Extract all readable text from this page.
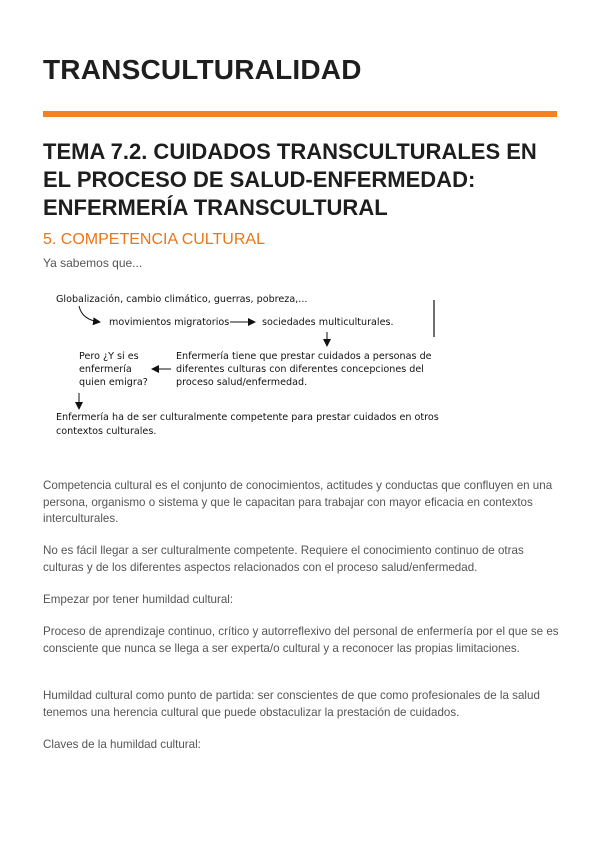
TRANSCULTURALIDAD
TEMA 7.2. CUIDADOS TRANSCULTURALES EN EL PROCESO DE SALUD-ENFERMEDAD: ENFERMERÍA TRANSCULTURAL
5. COMPETENCIA CULTURAL
Ya sabemos que...
Globalización, cambio climático, guerras, pobreza,...
movimientos migratorios	sociedades multiculturales.
Pero ¿Y si es
enfermería
quien emigra?
Enfermería tiene que prestar cuidados a personas de
diferentes culturas con diferentes concepciones del
proceso salud/enfermedad.
Enfermería ha de ser culturalmente competente para prestar cuidados en otros
contextos culturales.
Competencia cultural es el conjunto de conocimientos, actitudes y conductas que confluyen en una persona, organismo o sistema y que le capacitan para trabajar con mayor eficacia en contextos interculturales.
No es fácil llegar a ser culturalmente competente. Requiere el conocimiento continuo de otras culturas y de los diferentes aspectos relacionados con el proceso salud/enfermedad.
Empezar por tener humildad cultural:
Proceso de aprendizaje continuo, crítico y autorreflexivo del personal de enfermería por el que se es consciente que nunca se llega a ser experta/o cultural y a reconocer las propias limitaciones.
Humildad cultural como punto de partida: ser conscientes de que como profesionales de la salud tenemos una herencia cultural que puede obstaculizar la prestación de cuidados.
Claves de la humildad cultural:
